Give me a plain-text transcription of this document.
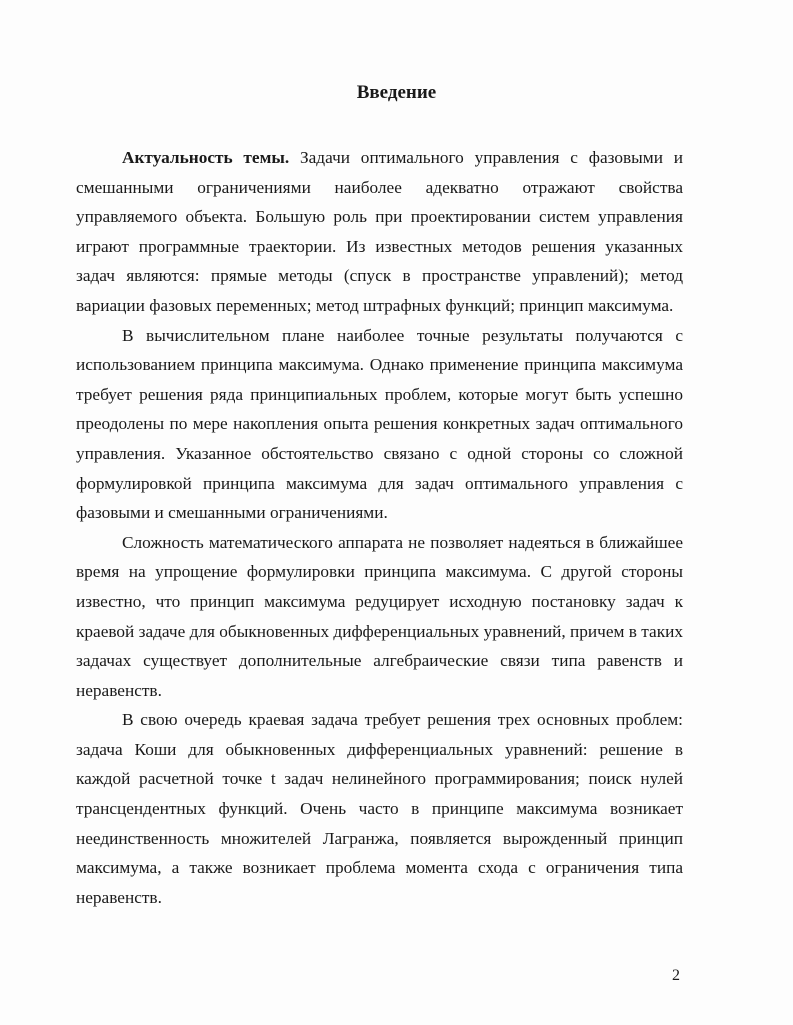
Введение

Актуальность темы. Задачи оптимального управления с фазовыми и смешанными ограничениями наиболее адекватно отражают свойства управляемого объекта. Большую роль при проектировании систем управления играют программные траектории. Из известных методов решения указанных задач являются: прямые методы (спуск в пространстве управлений); метод вариации фазовых переменных; метод штрафных функций; принцип максимума.

В вычислительном плане наиболее точные результаты получаются с использованием принципа максимума. Однако применение принципа максимума требует решения ряда принципиальных проблем, которые могут быть успешно преодолены по мере накопления опыта решения конкретных задач оптимального управления. Указанное обстоятельство связано с одной стороны со сложной формулировкой принципа максимума для задач оптимального управления с фазовыми и смешанными ограничениями.

Сложность математического аппарата не позволяет надеяться в ближайшее время на упрощение формулировки принципа максимума. С другой стороны известно, что принцип максимума редуцирует исходную постановку задач к краевой задаче для обыкновенных дифференциальных уравнений, причем в таких задачах существует дополнительные алгебраические связи типа равенств и неравенств.

В свою очередь краевая задача требует решения трех основных проблем: задача Коши для обыкновенных дифференциальных уравнений: решение в каждой расчетной точке t задач нелинейного программирования; поиск нулей трансцендентных функций. Очень часто в принципе максимума возникает неединственность множителей Лагранжа, появляется вырожденный принцип максимума, а также возникает проблема момента схода с ограничения типа неравенств.

2
